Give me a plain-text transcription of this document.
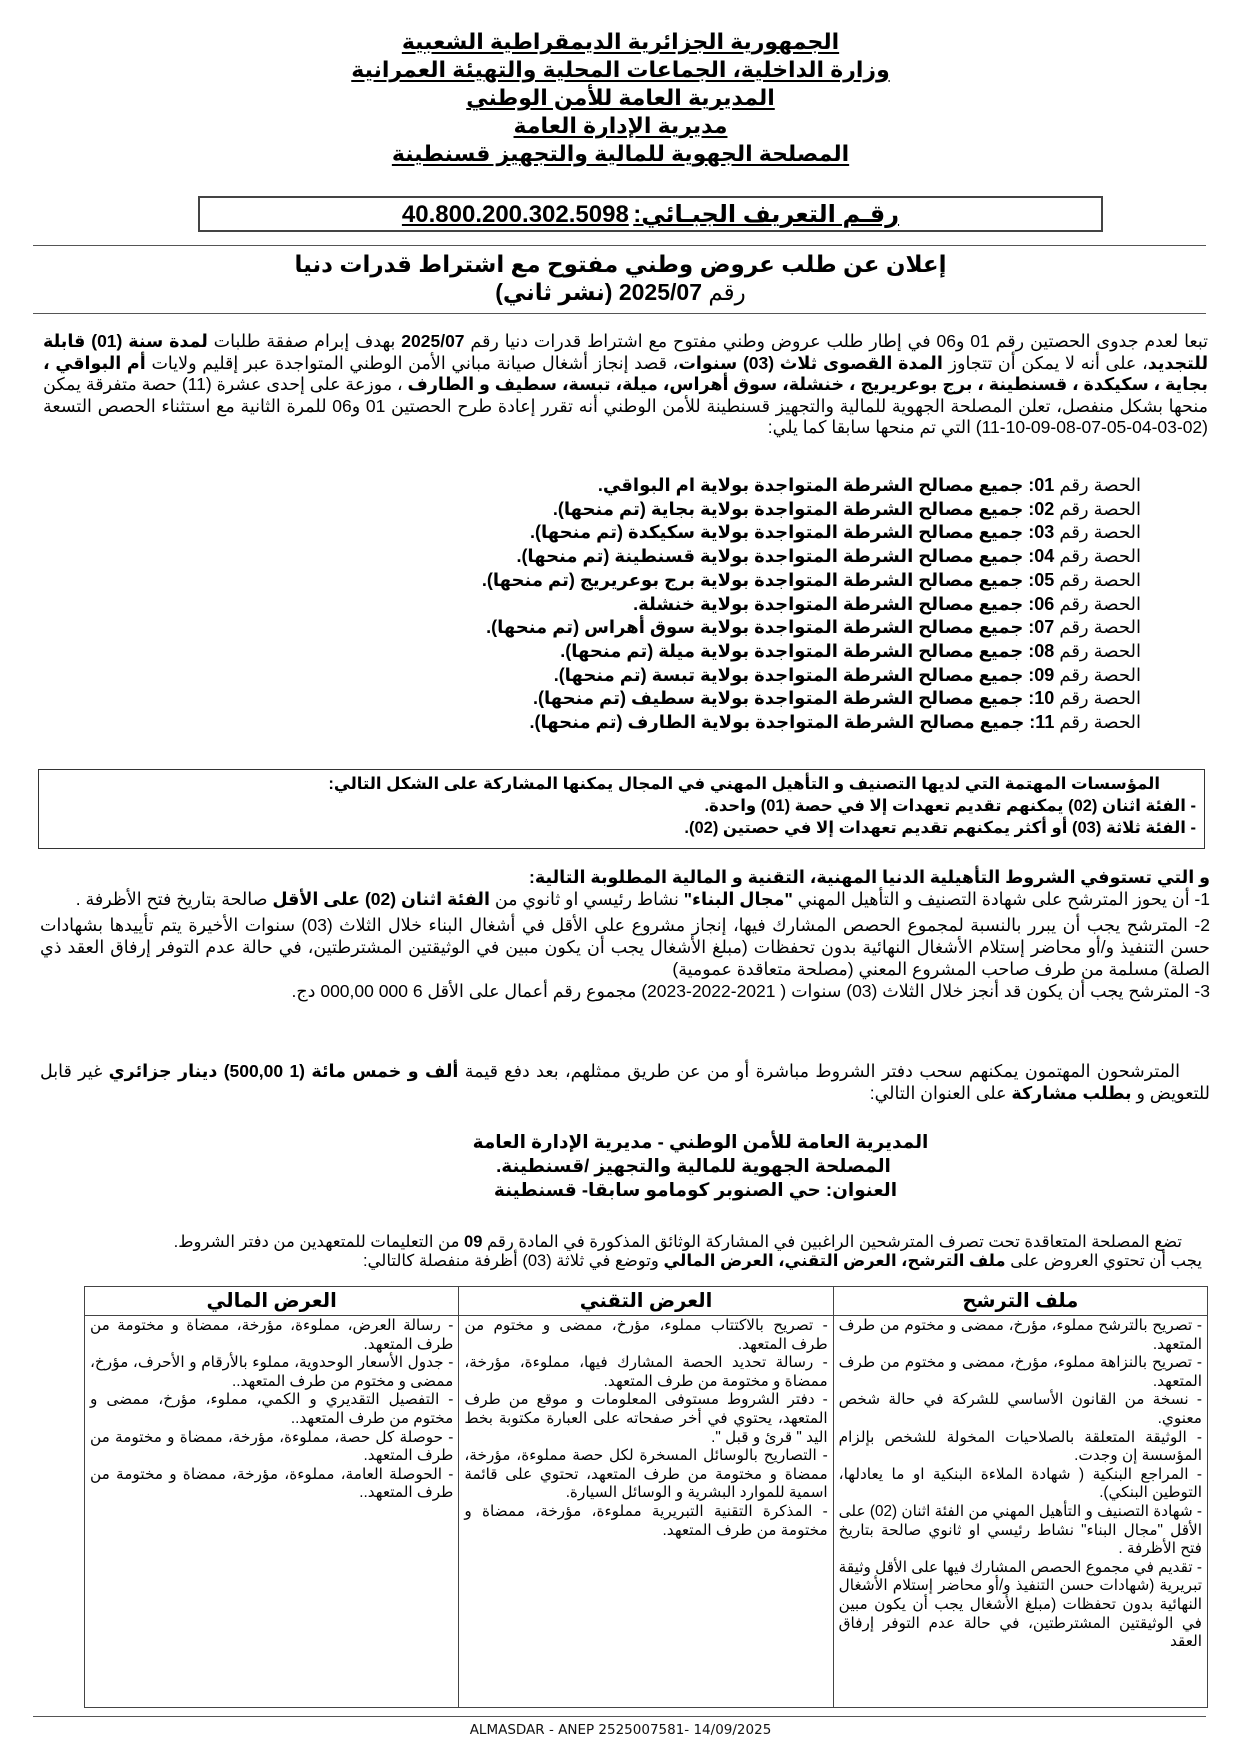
الجمهورية الجزائرية الديمقراطية الشعبية
وزارة الداخلية، الجماعات المحلية والتهيئة العمرانية
المديرية العامة للأمن الوطني
مديرية الإدارة العامة
المصلحة الجهوية للمالية والتجهيز قسنطينة
رقـم التعريف الجبـائي: 40.800.200.302.5098
إعلان عن طلب عروض وطني مفتوح مع اشتراط قدرات دنيا
رقم 2025/07 (نشر ثاني)
تبعا لعدم جدوى الحصتين رقم 01 و06 في إطار طلب عروض وطني مفتوح مع اشتراط قدرات دنيا رقم 2025/07 بهدف إبرام صفقة طلبات لمدة سنة (01) قابلة للتجديد، على أنه لا يمكن أن تتجاوز المدة القصوى ثلاث (03) سنوات، قصد إنجاز أشغال صيانة مباني الأمن الوطني المتواجدة عبر إقليم ولايات أم البواقي ، بجاية ، سكيكدة ، قسنطينة ، برج بوعريريج ، خنشلة، سوق أهراس، ميلة، تبسة، سطيف و الطارف ، موزعة على إحدى عشرة (11) حصة متفرقة يمكن منحها بشكل منفصل، تعلن المصلحة الجهوية للمالية والتجهيز قسنطينة للأمن الوطني أنه تقرر إعادة طرح الحصتين 01 و06 للمرة الثانية مع استثناء الحصص التسعة (02-03-04-05-07-08-09-10-11) التي تم منحها سابقا كما يلي:
الحصة رقم 01: جميع مصالح الشرطة المتواجدة بولاية ام البواقي.
الحصة رقم 02: جميع مصالح الشرطة المتواجدة بولاية بجاية (تم منحها).
الحصة رقم 03: جميع مصالح الشرطة المتواجدة بولاية سكيكدة (تم منحها).
الحصة رقم 04: جميع مصالح الشرطة المتواجدة بولاية قسنطينة (تم منحها).
الحصة رقم 05: جميع مصالح الشرطة المتواجدة بولاية برج بوعريريج (تم منحها).
الحصة رقم 06: جميع مصالح الشرطة المتواجدة بولاية خنشلة.
الحصة رقم 07: جميع مصالح الشرطة المتواجدة بولاية سوق أهراس (تم منحها).
الحصة رقم 08: جميع مصالح الشرطة المتواجدة بولاية ميلة (تم منحها).
الحصة رقم 09: جميع مصالح الشرطة المتواجدة بولاية تبسة (تم منحها).
الحصة رقم 10: جميع مصالح الشرطة المتواجدة بولاية سطيف (تم منحها).
الحصة رقم 11: جميع مصالح الشرطة المتواجدة بولاية الطارف (تم منحها).
المؤسسات المهتمة التي لديها التصنيف و التأهيل المهني في المجال يمكنها المشاركة على الشكل التالي:
- الفئة اثنان (02) يمكنهم تقديم تعهدات إلا في حصة (01) واحدة.
- الفئة ثلاثة (03) أو أكثر يمكنهم تقديم تعهدات إلا في حصتين (02).

و التي تستوفي الشروط التأهيلية الدنيا المهنية، التقنية و المالية المطلوبة التالية:

1- أن يحوز المترشح على شهادة التصنيف و التأهيل المهني "مجال البناء" نشاط رئيسي او ثانوي من الفئة اثنان (02) على الأقل صالحة بتاريخ فتح الأظرفة .

2- المترشح يجب أن يبرر بالنسبة لمجموع الحصص المشارك فيها، إنجاز مشروع على الأقل في أشغال البناء خلال الثلاث (03) سنوات الأخيرة يتم تأييدها بشهادات حسن التنفيذ و/أو محاضر إستلام الأشغال النهائية بدون تحفظات (مبلغ الأشغال يجب أن يكون مبين في الوثيقتين المشترطتين، في حالة عدم التوفر إرفاق العقد ذي الصلة) مسلمة من طرف صاحب المشروع المعني (مصلحة متعاقدة عمومية)

3- المترشح يجب أن يكون قد أنجز خلال الثلاث (03) سنوات ( 2021-2022-2023) مجموع رقم أعمال على الأقل 6 000 000,00 دج.

المترشحون المهتمون يمكنهم سحب دفتر الشروط مباشرة أو من عن طريق ممثلهم، بعد دفع قيمة ألف و خمس مائة (1 500,00) دينار جزائري غير قابل للتعويض و بطلب مشاركة على العنوان التالي:
المديرية العامة للأمن الوطني - مديرية الإدارة العامة
المصلحة الجهوية للمالية والتجهيز /قسنطينة.
العنوان: حي الصنوبر كومامو سابقا- قسنطينة

تضع المصلحة المتعاقدة تحت تصرف المترشحين الراغبين في المشاركة الوثائق المذكورة في المادة رقم 09 من التعليمات للمتعهدين من دفتر الشروط.

يجب أن تحتوي العروض على ملف الترشح، العرض التقني، العرض المالي وتوضع في ثلاثة (03) أظرفة منفصلة كالتالي:

ملف الترشح	العرض التقني	العرض المالي

- تصريح بالترشح مملوء، مؤرخ، ممضى و مختوم من طرف المتعهد.
- تصريح بالنزاهة مملوء، مؤرخ، ممضى و مختوم من طرف المتعهد.
- نسخة من القانون الأساسي للشركة في حالة شخص معنوي.
- الوثيقة المتعلقة بالصلاحيات المخولة للشخص بإلزام المؤسسة إن وجدت.
- المراجع البنكية ( شهادة الملاءة البنكية او ما يعادلها، التوطين البنكي).
- شهادة التصنيف و التأهيل المهني من الفئة اثنان (02) على الأقل "مجال البناء" نشاط رئيسي او ثانوي صالحة بتاريخ فتح الأظرفة .
- تقديم في مجموع الحصص المشارك فيها على الأقل وثيقة تبريرية (شهادات حسن التنفيذ و/أو محاضر إستلام الأشغال النهائية بدون تحفظات (مبلغ الأشغال يجب أن يكون مبين في الوثيقتين المشترطتين، في حالة عدم التوفر إرفاق العقد

- تصريح بالاكتتاب مملوء، مؤرخ، ممضى و مختوم من طرف المتعهد.
- رسالة تحديد الحصة المشارك فيها، مملوءة، مؤرخة، ممضاة و مختومة من طرف المتعهد.
- دفتر الشروط مستوفى المعلومات و موقع من طرف المتعهد، يحتوي في أخر صفحاته على العبارة مكتوبة بخط اليد " قرئ و قبل ".
- التصاريح بالوسائل المسخرة لكل حصة مملوءة، مؤرخة، ممضاة و مختومة من طرف المتعهد، تحتوي على قائمة اسمية للموارد البشرية و الوسائل السيارة.
- المذكرة التقنية التبريرية مملوءة، مؤرخة، ممضاة و مختومة من طرف المتعهد.

- رسالة العرض، مملوءة، مؤرخة، ممضاة و مختومة من طرف المتعهد.
- جدول الأسعار الوحدوية، مملوء بالأرقام و الأحرف، مؤرخ، ممضى و مختوم من طرف المتعهد..
- التفصيل التقديري و الكمي، مملوء، مؤرخ، ممضى و مختوم من طرف المتعهد..
- حوصلة كل حصة، مملوءة، مؤرخة، ممضاة و مختومة من طرف المتعهد.
- الحوصلة العامة، مملوءة، مؤرخة، ممضاة و مختومة من طرف المتعهد..
ALMASDAR - ANEP 2525007581- 14/09/2025
